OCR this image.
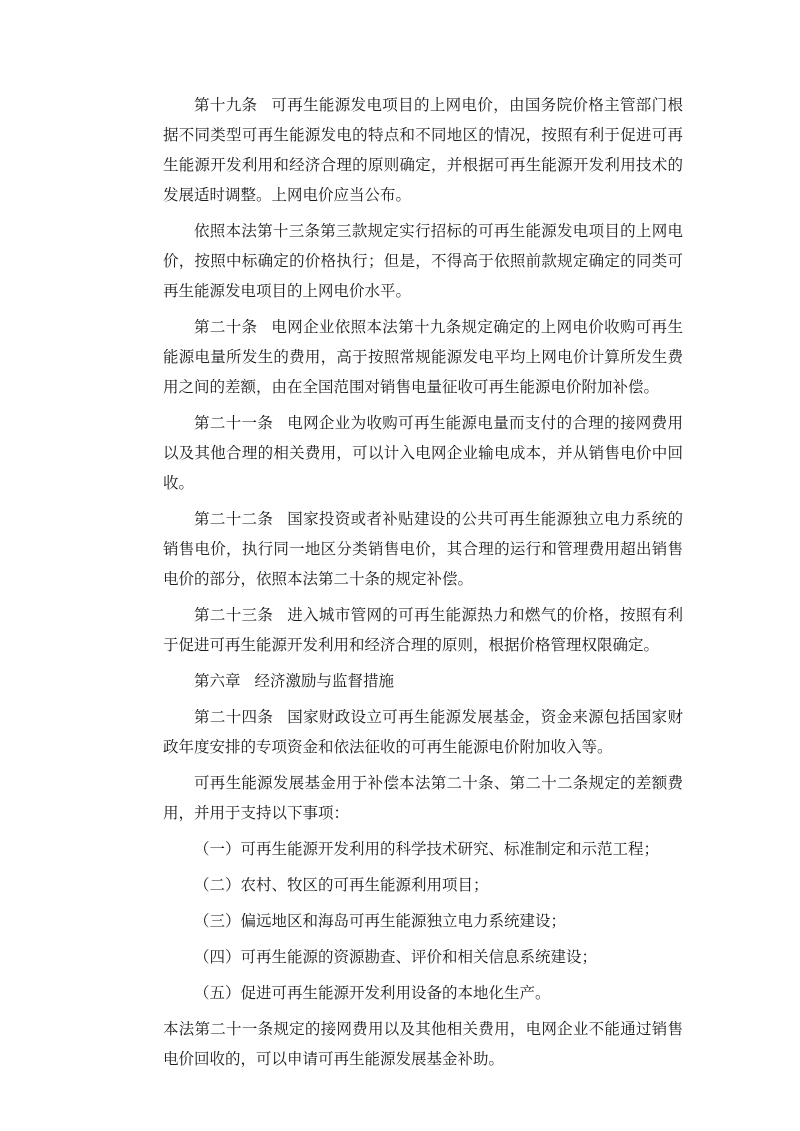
第十九条 可再生能源发电项目的上网电价，由国务院价格主管部门根据不同类型可再生能源发电的特点和不同地区的情况，按照有利于促进可再生能源开发利用和经济合理的原则确定，并根据可再生能源开发利用技术的发展适时调整。上网电价应当公布。

依照本法第十三条第三款规定实行招标的可再生能源发电项目的上网电价，按照中标确定的价格执行；但是，不得高于依照前款规定确定的同类可再生能源发电项目的上网电价水平。

第二十条 电网企业依照本法第十九条规定确定的上网电价收购可再生能源电量所发生的费用，高于按照常规能源发电平均上网电价计算所发生费用之间的差额，由在全国范围对销售电量征收可再生能源电价附加补偿。

第二十一条 电网企业为收购可再生能源电量而支付的合理的接网费用以及其他合理的相关费用，可以计入电网企业输电成本，并从销售电价中回收。

第二十二条 国家投资或者补贴建设的公共可再生能源独立电力系统的销售电价，执行同一地区分类销售电价，其合理的运行和管理费用超出销售电价的部分，依照本法第二十条的规定补偿。

第二十三条 进入城市管网的可再生能源热力和燃气的价格，按照有利于促进可再生能源开发利用和经济合理的原则，根据价格管理权限确定。

第六章 经济激励与监督措施

第二十四条 国家财政设立可再生能源发展基金，资金来源包括国家财政年度安排的专项资金和依法征收的可再生能源电价附加收入等。

可再生能源发展基金用于补偿本法第二十条、第二十二条规定的差额费用，并用于支持以下事项：

（一）可再生能源开发利用的科学技术研究、标准制定和示范工程；

（二）农村、牧区的可再生能源利用项目；

（三）偏远地区和海岛可再生能源独立电力系统建设；

（四）可再生能源的资源勘查、评价和相关信息系统建设；

（五）促进可再生能源开发利用设备的本地化生产。

本法第二十一条规定的接网费用以及其他相关费用，电网企业不能通过销售电价回收的，可以申请可再生能源发展基金补助。
